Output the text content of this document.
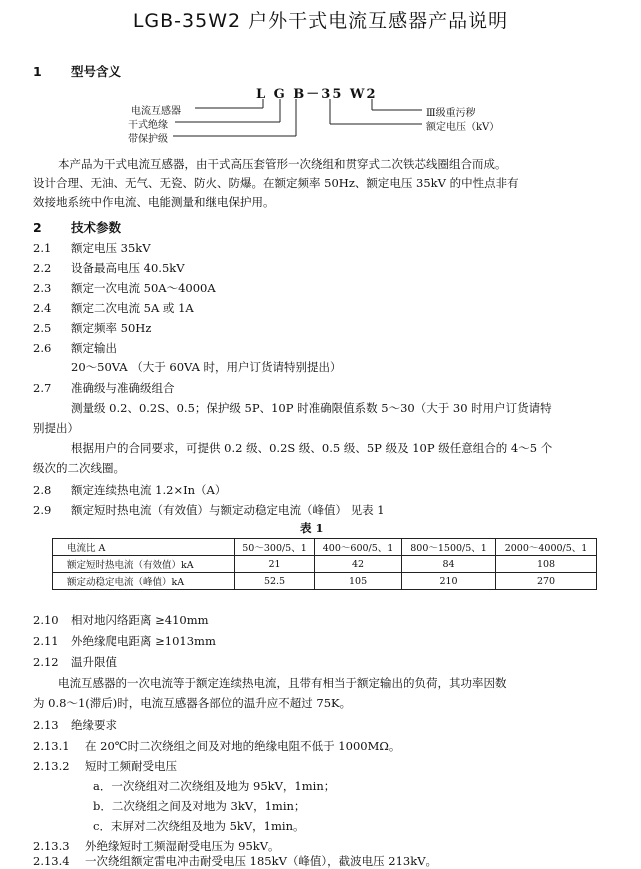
LGB-35W2 户外干式电流互感器产品说明
1 型号含义
L G B－35 W2
电流互感器
干式绝缘
带保护级
Ⅲ级重污秽
额定电压（kV）
本产品为干式电流互感器，由干式高压套管形一次绕组和贯穿式二次铁芯线圈组合而成。
设计合理、无油、无气、无瓷、防火、防爆。在额定频率 50Hz、额定电压 35kV 的中性点非有
效接地系统中作电流、电能测量和继电保护用。
2 技术参数
2.1 额定电压 35kV
2.2 设备最高电压 40.5kV
2.3 额定一次电流 50A～4000A
2.4 额定二次电流 5A 或 1A
2.5 额定频率 50Hz
2.6 额定输出
20～50VA （大于 60VA 时，用户订货请特别提出）
2.7 准确级与准确级组合
测量级 0.2、0.2S、0.5；保护级 5P、10P 时准确限值系数 5～30（大于 30 时用户订货请特
别提出）
根据用户的合同要求，可提供 0.2 级、0.2S 级、0.5 级、5P 级及 10P 级任意组合的 4～5 个
级次的二次线圈。
2.8 额定连续热电流 1.2×In（A）
2.9 额定短时热电流（有效值）与额定动稳定电流（峰值） 见表 1
表 1
电流比 A	50～300/5、1	400～600/5、1	800～1500/5、1	2000～4000/5、1
额定短时热电流（有效值）kA	21	42	84	108
额定动稳定电流（峰值）kA	52.5	105	210	270
2.10 相对地闪络距离 ≥410mm
2.11 外绝缘爬电距离 ≥1013mm
2.12 温升限值
电流互感器的一次电流等于额定连续热电流，且带有相当于额定输出的负荷，其功率因数
为 0.8～1(滞后)时，电流互感器各部位的温升应不超过 75K。
2.13 绝缘要求
2.13.1 在 20℃时二次绕组之间及对地的绝缘电阻不低于 1000MΩ。
2.13.2 短时工频耐受电压
a．一次绕组对二次绕组及地为 95kV，1min；
b．二次绕组之间及对地为 3kV，1min；
c．末屏对二次绕组及地为 5kV，1min。
2.13.3 外绝缘短时工频湿耐受电压为 95kV。
2.13.4 一次绕组额定雷电冲击耐受电压 185kV（峰值），截波电压 213kV。
